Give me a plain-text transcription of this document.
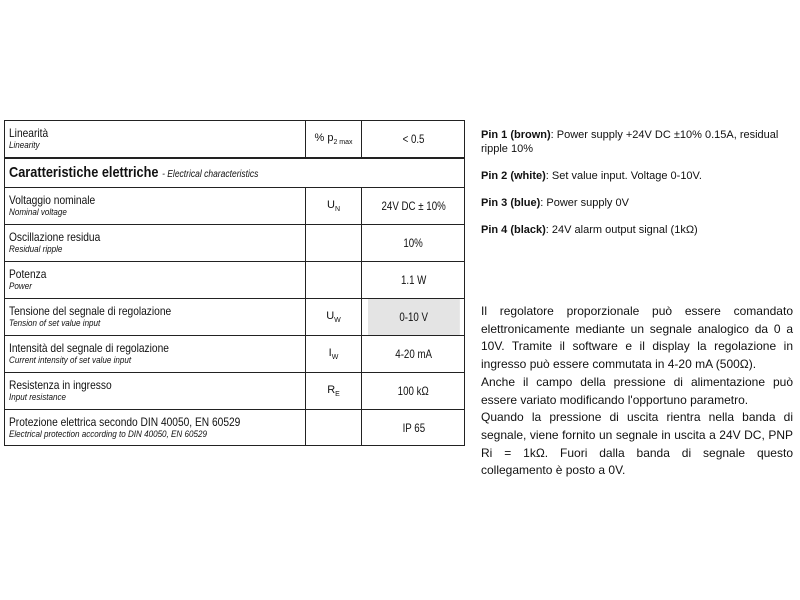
Linearità
Linearity	% $p_{2 max}$	< 0.5

Caratteristiche elettriche - Electrical characteristics		

Voltaggio nominale
Nominal voltage	$U_N$	24V DC ± 10%

Oscillazione residua
Residual ripple		10%

Potenza
Power		1.1 W

Tensione del segnale di regolazione
Tension of set value input	$U_W$	0-10 V

Intensità del segnale di regolazione
Current intensity of set value input	$I_W$	4-20 mA

Resistenza in ingresso
Input resistance	$R_E$	100 kΩ

Protezione elettrica secondo DIN 40050, EN 60529
Electrical protection according to DIN 40050, EN 60529		IP 65
Pin 1 (brown): Power supply +24V DC ±10% 0.15A, residual ripple 10%
Pin 2 (white): Set value input. Voltage 0-10V.
Pin 3 (blue): Power supply 0V
Pin 4 (black): 24V alarm output signal (1kΩ)

Il regolatore proporzionale può essere comandato elettronicamente mediante un segnale analogico da 0 a 10V. Tramite il software e il display la regolazione in ingresso può essere commutata in 4-20 mA (500Ω).

Anche il campo della pressione di alimentazione può essere variato modificando l'opportuno parametro.

Quando la pressione di uscita rientra nella banda di segnale, viene fornito un segnale in uscita a 24V DC, PNP Ri = 1kΩ. Fuori dalla banda di segnale questo collegamento è posto a 0V.
